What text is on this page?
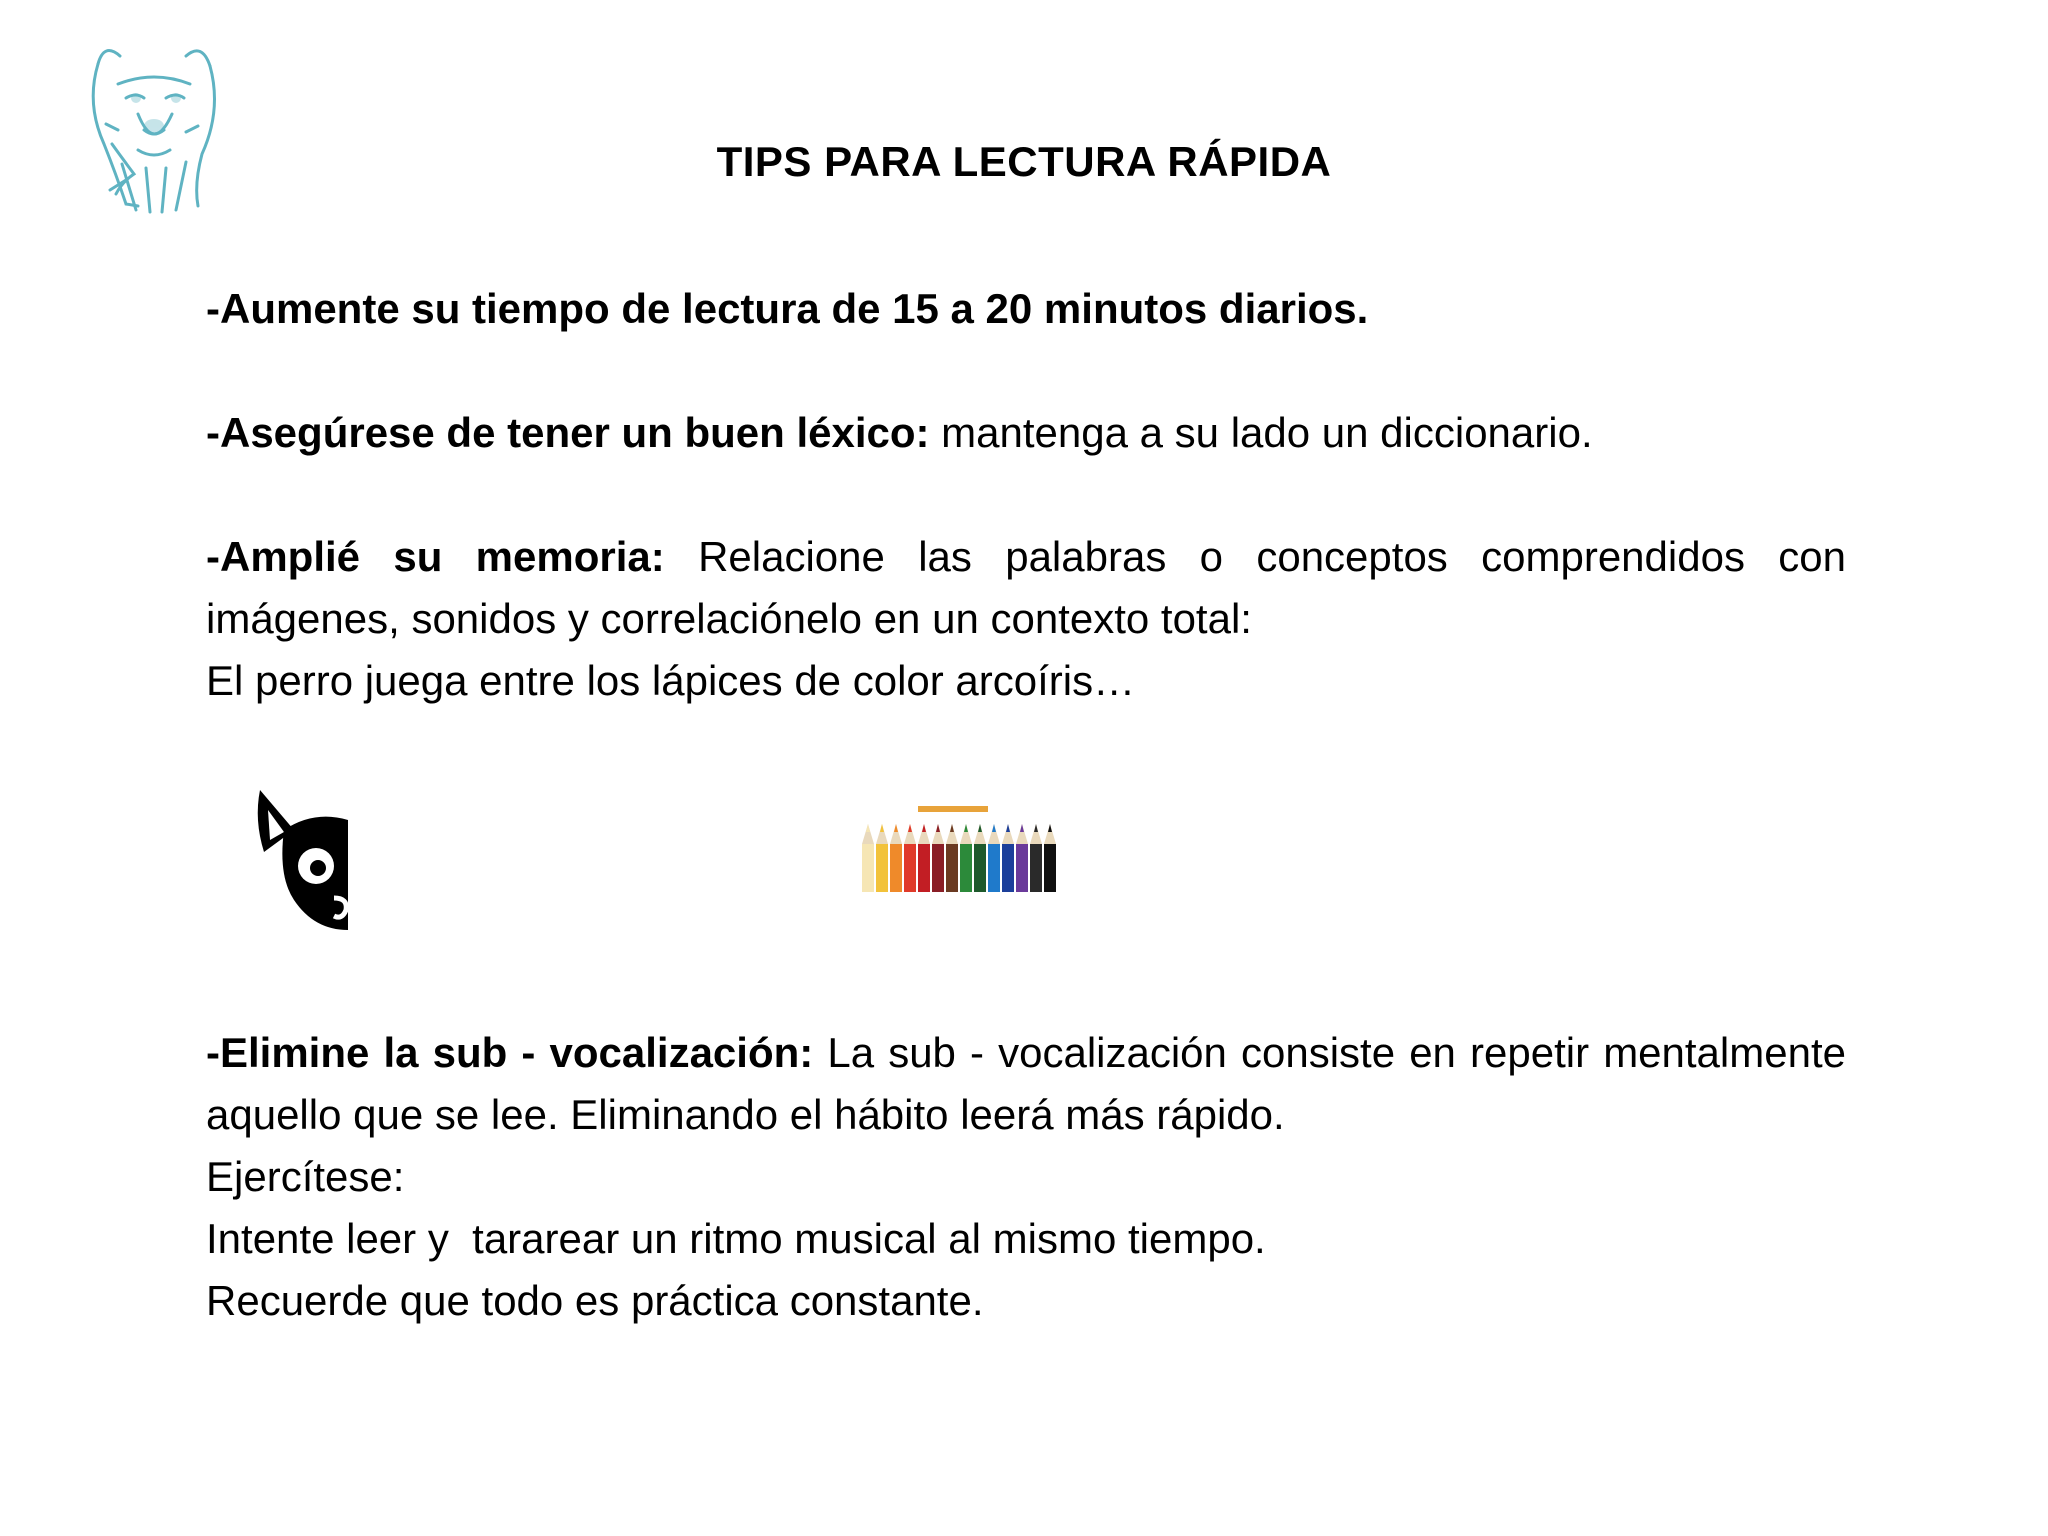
TIPS PARA LECTURA RÁPIDA

-Aumente su tiempo de lectura de 15 a 20 minutos diarios.

-Asegúrese de tener un buen léxico: mantenga a su lado un diccionario.

-Amplié su memoria: Relacione las palabras o conceptos comprendidos con imágenes, sonidos y correlaciónelo en un contexto total:

El perro juega entre los lápices de color arcoíris…

-Elimine la sub - vocalización: La sub - vocalización consiste en repetir mentalmente aquello que se lee. Eliminando el hábito leerá más rápido.

Ejercítese:

Intente leer y  tararear un ritmo musical al mismo tiempo.

Recuerde que todo es práctica constante.
